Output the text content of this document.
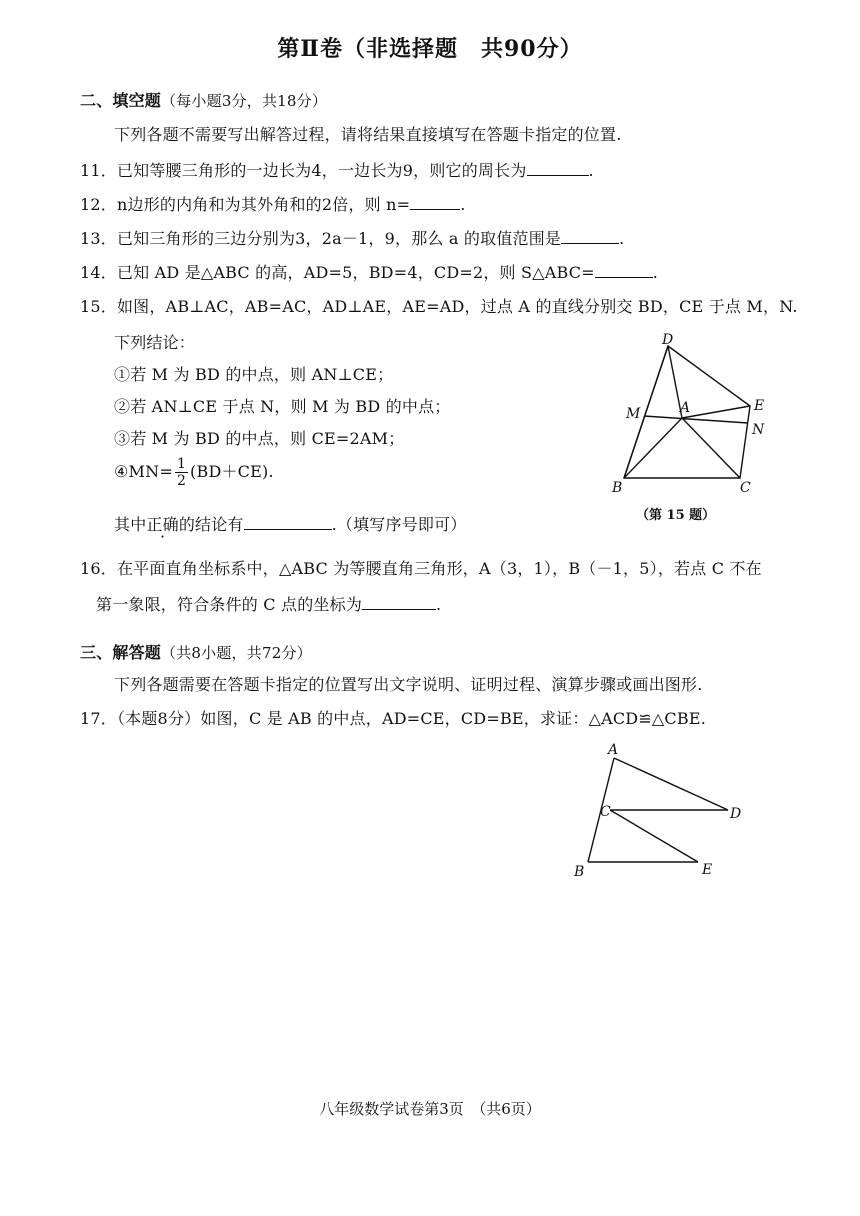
第Ⅱ卷（非选择题　共90分）
二、填空题（每小题3分，共18分）
下列各题不需要写出解答过程，请将结果直接填写在答题卡指定的位置.
11．已知等腰三角形的一边长为4，一边长为9，则它的周长为	.
12．n边形的内角和为其外角和的2倍，则 n=	.
13．已知三角形的三边分别为3，2a－1，9，那么 a 的取值范围是	.
14．已知 AD 是△ABC 的高，AD=5，BD=4，CD=2，则 S△ABC=	.
15．如图，AB⊥AC，AB=AC，AD⊥AE，AE=AD，过点 A 的直线分别交 BD，CE 于点 M，N.
下列结论：
①若 M 为 BD 的中点，则 AN⊥CE；
②若 AN⊥CE 于点 N，则 M 为 BD 的中点；
③若 M 为 BD 的中点，则 CE=2AM；
④MN= $\frac{1}{2} (BD+CE)$.
其中正确的结论有	.（填写序号即可）
D
M	A	E
N
B	C
（第 15 题）
16．在平面直角坐标系中，△ABC 为等腰直角三角形，A（3，1），B（－1，5），若点 C 不在
第一象限，符合条件的 C 点的坐标为	.
三、解答题（共8小题，共72分）
下列各题需要在答题卡指定的位置写出文字说明、证明过程、演算步骤或画出图形.
17．（本题8分）如图，C 是 AB 的中点，AD=CE，CD=BE，求证：△ACD≌△CBE.
A
C	D
B	E
八年级数学试卷第3页　（共6页）
